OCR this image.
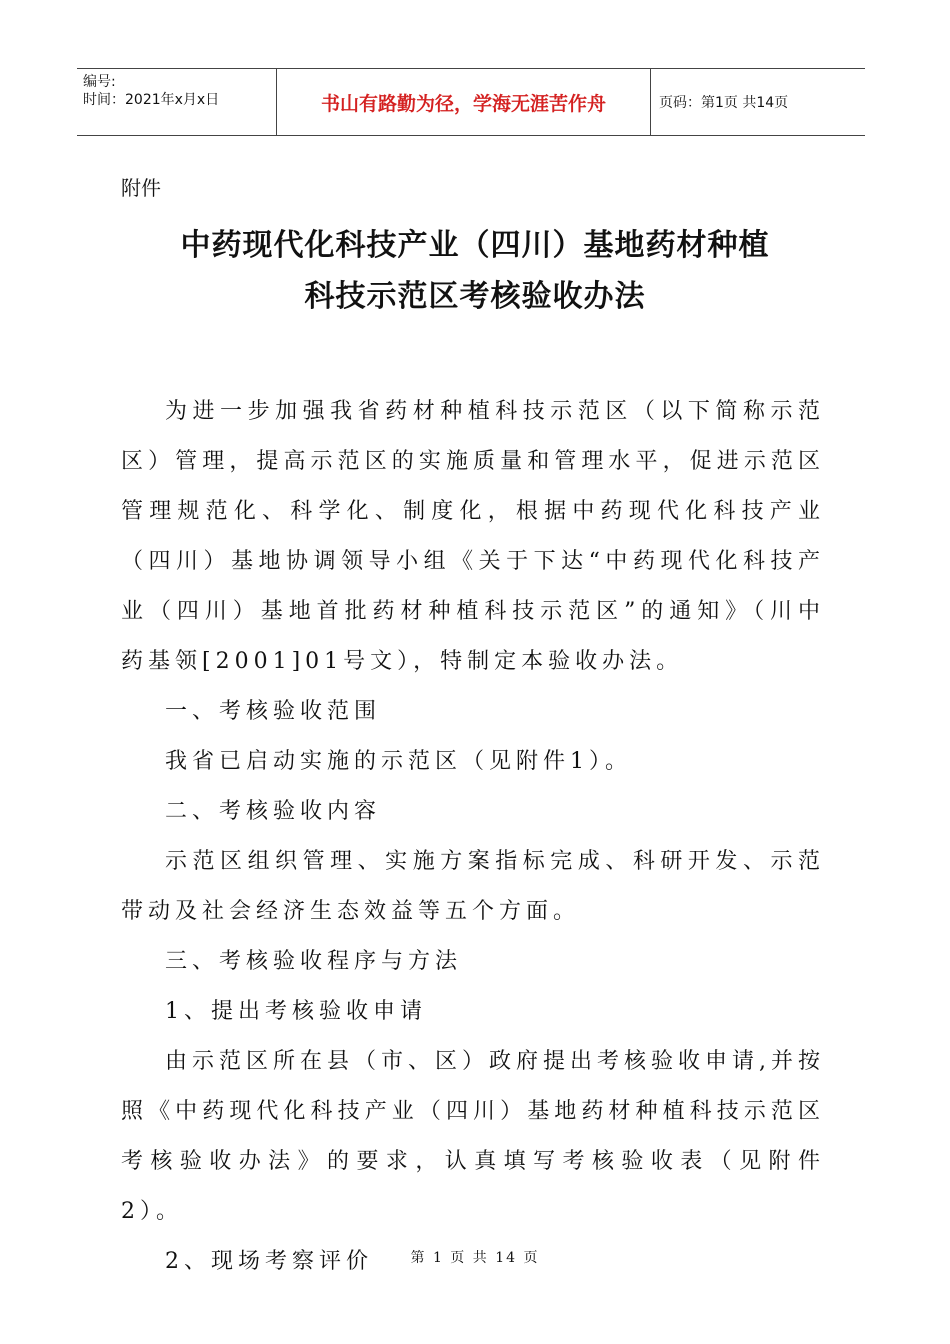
编号:
时间：2021年x月x日	书山有路勤为径，学海无涯苦作舟	页码：第1页 共14页
附件
中药现代化科技产业（四川）基地药材种植
科技示范区考核验收办法

为进一步加强我省药材种植科技示范区（以下简称示范区）管理，提高示范区的实施质量和管理水平，促进示范区管理规范化、科学化、制度化，根据中药现代化科技产业（四川）基地协调领导小组《关于下达“中药现代化科技产业（四川）基地首批药材种植科技示范区”的通知》（川中药基领[2001]01号文），特制定本验收办法。

一、考核验收范围

我省已启动实施的示范区（见附件1）。

二、考核验收内容

示范区组织管理、实施方案指标完成、科研开发、示范带动及社会经济生态效益等五个方面。

三、考核验收程序与方法

1、提出考核验收申请

由示范区所在县（市、区）政府提出考核验收申请,并按照《中药现代化科技产业（四川）基地药材种植科技示范区考核验收办法》的要求，认真填写考核验收表（见附件2）。

2、现场考察评价	第 1 页 共 14 页
